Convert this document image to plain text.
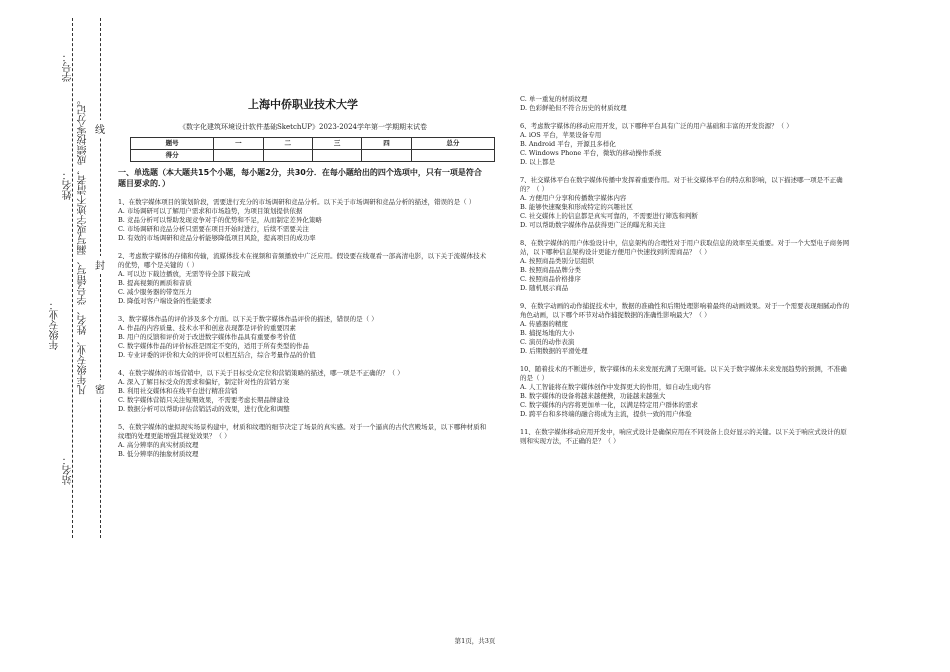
学号：
姓名：
年级专业：
站名：
凡年级专业、姓名、学号错写、漏写或字迹不清者，成绩按零分记。 线
封
密
上海中侨职业技术大学
《数字化建筑环境设计软件基础SketchUP》2023-2024学年第一学期期末试卷
题号	一	二	三	四	总分
得分					
一、单选题（本大题共15个小题，每小题2分，共30分．在每小题给出的四个选项中，只有一项是符合题目要求的．）
1、在数字媒体项目的策划阶段，需要进行充分的市场调研和竞品分析。以下关于市场调研和竞品分析的描述，错误的是（ ）
A. 市场调研可以了解用户需求和市场趋势，为项目策划提供依据
B. 竞品分析可以帮助发现竞争对手的优势和不足，从而制定差异化策略
C. 市场调研和竞品分析只需要在项目开始时进行，后续不需要关注
D. 有效的市场调研和竞品分析能够降低项目风险，提高项目的成功率
2、考虑数字媒体的存储和传输，流媒体技术在视频和音频播放中广泛应用。假设要在线观看一部高清电影，以下关于流媒体技术的优势，哪个是关键的（ ）
A. 可以边下载边播放，无需等待全部下载完成
B. 提高视频的画质和音质
C. 减少服务器的带宽压力
D. 降低对客户端设备的性能要求
3、数字媒体作品的评价涉及多个方面。以下关于数字媒体作品评价的描述，错误的是（ ）
A. 作品的内容质量、技术水平和创意表现都是评价的重要因素
B. 用户的反馈和评价对于改进数字媒体作品具有重要参考价值
C. 数字媒体作品的评价标准是固定不变的，适用于所有类型的作品
D. 专业评委的评价和大众的评价可以相互结合，综合考量作品的价值
4、在数字媒体的市场营销中，以下关于目标受众定位和营销策略的描述，哪一项是不正确的？（ ）
A. 深入了解目标受众的需求和偏好，制定针对性的营销方案
B. 利用社交媒体和在线平台进行精准营销
C. 数字媒体营销只关注短期效果，不需要考虑长期品牌建设
D. 数据分析可以帮助评估营销活动的效果，进行优化和调整
5、在数字媒体的虚拟现实场景构建中，材质和纹理的细节决定了场景的真实感。对于一个逼真的古代宫殿场景，以下哪种材质和纹理的处理更能增强其视觉效果？（ ）
A. 高分辨率的真实材质纹理
B. 低分辨率的抽象材质纹理
C. 单一重复的材质纹理
D. 色彩鲜艳但不符合历史的材质纹理
6、考虑数字媒体的移动应用开发，以下哪种平台具有广泛的用户基础和丰富的开发资源？（ ）
A. iOS 平台，苹果设备专用
B. Android 平台，开源且多样化
C. Windows Phone 平台，微软的移动操作系统
D. 以上都是
7、社交媒体平台在数字媒体传播中发挥着重要作用。对于社交媒体平台的特点和影响，以下描述哪一项是不正确的？（ ）
A. 方便用户分享和传播数字媒体内容
B. 能够快速聚集和形成特定的兴趣社区
C. 社交媒体上的信息都是真实可靠的，不需要进行筛选和判断
D. 可以帮助数字媒体作品获得更广泛的曝光和关注
8、在数字媒体的用户体验设计中，信息架构的合理性对于用户获取信息的效率至关重要。对于一个大型电子商务网站，以下哪种信息架构设计更能方便用户快速找到所需商品？（ ）
A. 按照商品类别分层组织
B. 按照商品品牌分类
C. 按照商品价格排序
D. 随机展示商品
9、在数字动画的动作捕捉技术中，数据的准确性和后期处理影响着最终的动画效果。对于一个需要表现细腻动作的角色动画，以下哪个环节对动作捕捉数据的准确性影响最大？（ ）
A. 传感器的精度
B. 捕捉场地的大小
C. 演员的动作表演
D. 后期数据的平滑处理
10、随着技术的不断进步，数字媒体的未来发展充满了无限可能。以下关于数字媒体未来发展趋势的预测，不准确的是（ ）
A. 人工智能将在数字媒体创作中发挥更大的作用，如自动生成内容
B. 数字媒体的设备将越来越便携，功能越来越强大
C. 数字媒体的内容将更加单一化，以满足特定用户群体的需求
D. 跨平台和多终端的融合将成为主流，提供一致的用户体验
11、在数字媒体移动应用开发中，响应式设计是确保应用在不同设备上良好显示的关键。以下关于响应式设计的原则和实现方法，不正确的是？（ ）
第1页，共3页
